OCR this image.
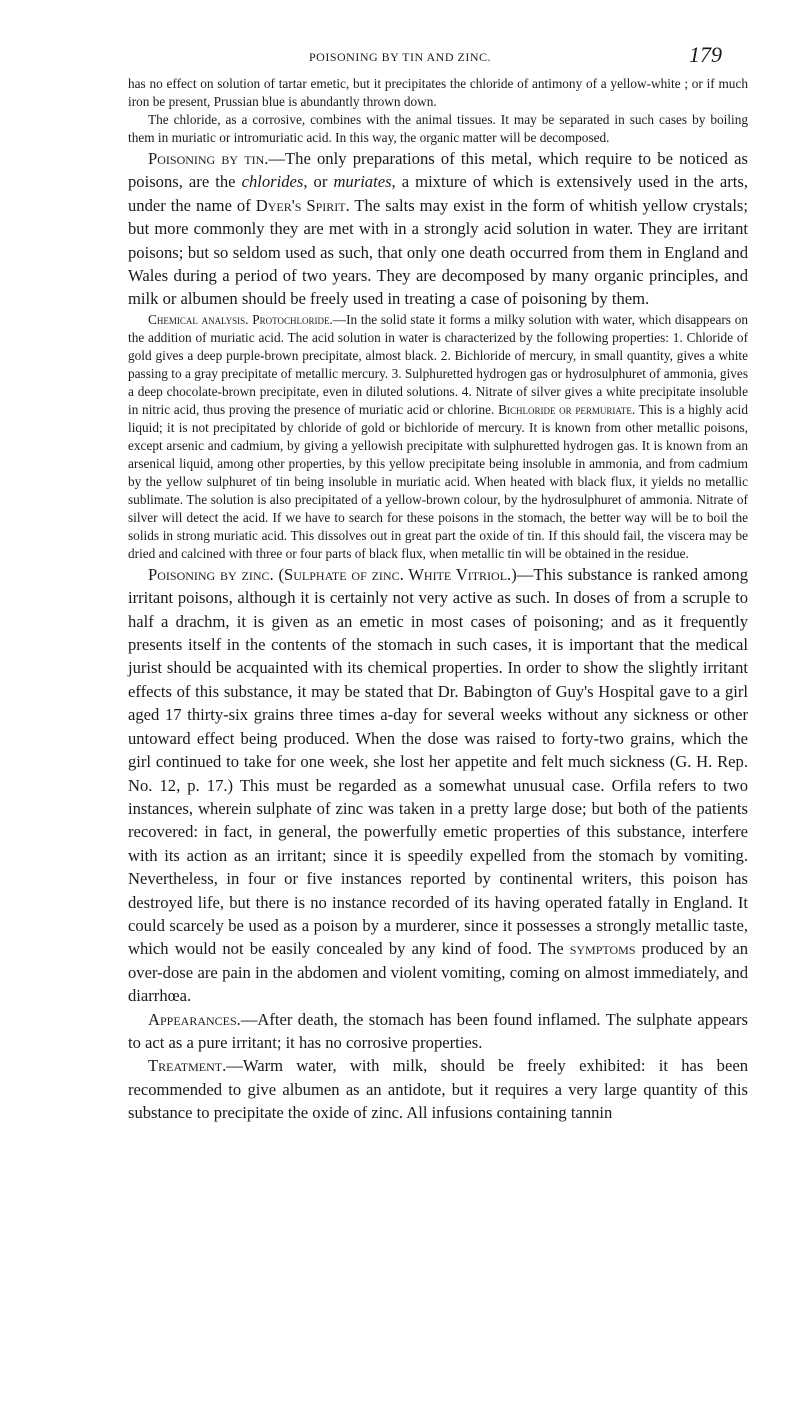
POISONING BY TIN AND ZINC.	179

has no effect on solution of tartar emetic, but it precipitates the chloride of antimony of a yellow-white ; or if much iron be present, Prussian blue is abundantly thrown down.

The chloride, as a corrosive, combines with the animal tissues. It may be separated in such cases by boiling them in muriatic or intromuriatic acid. In this way, the organic matter will be decomposed.

Poisoning by tin.—The only preparations of this metal, which require to be noticed as poisons, are the chlorides, or muriates, a mixture of which is extensively used in the arts, under the name of Dyer's Spirit. The salts may exist in the form of whitish yellow crystals; but more commonly they are met with in a strongly acid solution in water. They are irritant poisons; but so seldom used as such, that only one death occurred from them in England and Wales during a period of two years. They are decomposed by many organic principles, and milk or albumen should be freely used in treating a case of poisoning by them.

Chemical analysis. Protochloride.—In the solid state it forms a milky solution with water, which disappears on the addition of muriatic acid. The acid solution in water is characterized by the following properties: 1. Chloride of gold gives a deep purple-brown precipitate, almost black. 2. Bichloride of mercury, in small quantity, gives a white passing to a gray precipitate of metallic mercury. 3. Sulphuretted hydrogen gas or hydrosulphuret of ammonia, gives a deep chocolate-brown precipitate, even in diluted solutions. 4. Nitrate of silver gives a white precipitate insoluble in nitric acid, thus proving the presence of muriatic acid or chlorine. Bichloride or permuriate. This is a highly acid liquid; it is not precipitated by chloride of gold or bichloride of mercury. It is known from other metallic poisons, except arsenic and cadmium, by giving a yellowish precipitate with sulphuretted hydrogen gas. It is known from an arsenical liquid, among other properties, by this yellow precipitate being insoluble in ammonia, and from cadmium by the yellow sulphuret of tin being insoluble in muriatic acid. When heated with black flux, it yields no metallic sublimate. The solution is also precipitated of a yellow-brown colour, by the hydrosulphuret of ammonia. Nitrate of silver will detect the acid. If we have to search for these poisons in the stomach, the better way will be to boil the solids in strong muriatic acid. This dissolves out in great part the oxide of tin. If this should fail, the viscera may be dried and calcined with three or four parts of black flux, when metallic tin will be obtained in the residue.

Poisoning by zinc. (Sulphate of zinc. White Vitriol.)—This substance is ranked among irritant poisons, although it is certainly not very active as such. In doses of from a scruple to half a drachm, it is given as an emetic in most cases of poisoning; and as it frequently presents itself in the contents of the stomach in such cases, it is important that the medical jurist should be acquainted with its chemical properties. In order to show the slightly irritant effects of this substance, it may be stated that Dr. Babington of Guy's Hospital gave to a girl aged 17 thirty-six grains three times a-day for several weeks without any sickness or other untoward effect being produced. When the dose was raised to forty-two grains, which the girl continued to take for one week, she lost her appetite and felt much sickness (G. H. Rep. No. 12, p. 17.) This must be regarded as a somewhat unusual case. Orfila refers to two instances, wherein sulphate of zinc was taken in a pretty large dose; but both of the patients recovered: in fact, in general, the powerfully emetic properties of this substance, interfere with its action as an irritant; since it is speedily expelled from the stomach by vomiting. Nevertheless, in four or five instances reported by continental writers, this poison has destroyed life, but there is no instance recorded of its having operated fatally in England. It could scarcely be used as a poison by a murderer, since it possesses a strongly metallic taste, which would not be easily concealed by any kind of food. The symptoms produced by an over-dose are pain in the abdomen and violent vomiting, coming on almost immediately, and diarrhœa.

Appearances.—After death, the stomach has been found inflamed. The sulphate appears to act as a pure irritant; it has no corrosive properties.

Treatment.—Warm water, with milk, should be freely exhibited: it has been recommended to give albumen as an antidote, but it requires a very large quantity of this substance to precipitate the oxide of zinc. All infusions containing tannin
